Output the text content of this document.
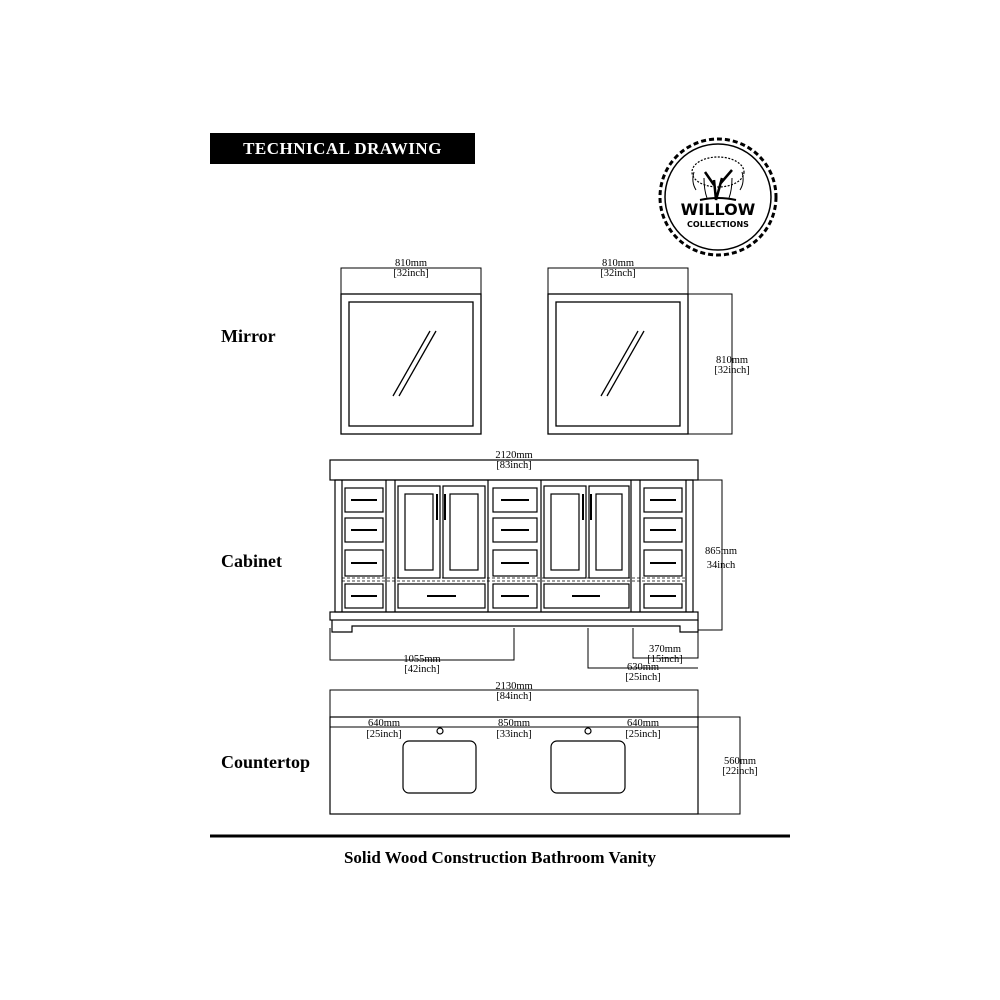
TECHNICAL DRAWING
Mirror
Cabinet
Countertop
WILLOW
COLLECTIONS
810mm
[32inch]
810mm
[32inch]
810mm
[32inch]
2120mm
[83inch]
865mm
34inch
1055mm
[42inch]
370mm
[15inch]
630mm
[25inch]
2130mm
[84inch]
640mm
[25inch]
850mm
[33inch]
640mm
[25inch]
560mm
[22inch]
Solid Wood Construction Bathroom Vanity
